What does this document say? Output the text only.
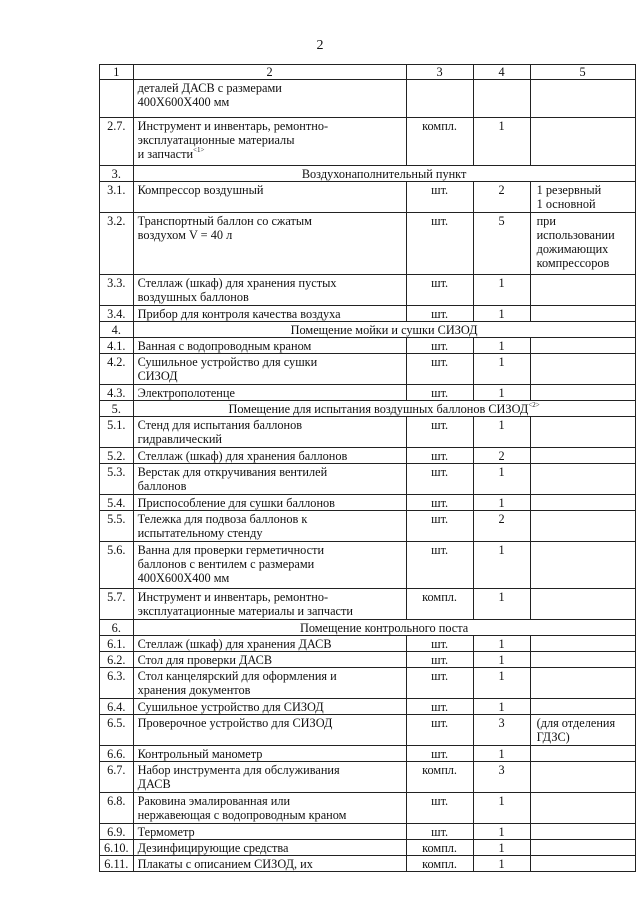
2
1	2	3	4	5
	деталей ДАСВ с размерами
400Х600Х400 мм			
2.7.	Инструмент и инвентарь, ремонтно-
эксплуатационные материалы
и запчасти$^{<1>}$	компл.	1	
3.	Воздухонаполнительный пункт			
3.1.	Компрессор воздушный	шт.	2	1 резервный
1 основной
3.2.	Транспортный баллон со сжатым
воздухом V = 40 л	шт.	5	при
использовании
дожимающих
компрессоров
3.3.	Стеллаж (шкаф) для хранения пустых
воздушных баллонов	шт.	1	
3.4.	Прибор для контроля качества воздуха	шт.	1	
4.	Помещение мойки и сушки СИЗОД			
4.1.	Ванная с водопроводным краном	шт.	1	
4.2.	Сушильное устройство для сушки
СИЗОД	шт.	1	
4.3.	Электрополотенце	шт.	1	
5.	Помещение для испытания воздушных баллонов $СИЗОД^{<2>}$
5.1.	Стенд для испытания баллонов
гидравлический	шт.	1	
5.2.	Стеллаж (шкаф) для хранения баллонов	шт.	2	
5.3.	Верстак для откручивания вентилей
баллонов	шт.	1	
5.4.	Приспособление для сушки баллонов	шт.	1	
5.5.	Тележка для подвоза баллонов к
испытательному стенду	шт.	2	
5.6.	Ванна для проверки герметичности
баллонов с вентилем с размерами
400Х600Х400 мм	шт.	1	
5.7.	Инструмент и инвентарь, ремонтно-
эксплуатационные материалы и запчасти	компл.	1	
6.	Помещение контрольного поста			
6.1.	Стеллаж (шкаф) для хранения ДАСВ	шт.	1	
6.2.	Стол для проверки ДАСВ	шт.	1	
6.3.	Стол канцелярский для оформления и
хранения документов	шт.	1	
6.4.	Сушильное устройство для СИЗОД	шт.	1	
6.5.	Проверочное устройство для СИЗОД	шт.	3	(для отделения
ГДЗС)
6.6.	Контрольный манометр	шт.	1	
6.7.	Набор инструмента для обслуживания
ДАСВ	компл.	3	
6.8.	Раковина эмалированная или
нержавеющая с водопроводным краном	шт.	1	
6.9.	Термометр	шт.	1	
6.10.	Дезинфицирующие средства	компл.	1	
6.11.	Плакаты с описанием СИЗОД, их	компл.	1	
